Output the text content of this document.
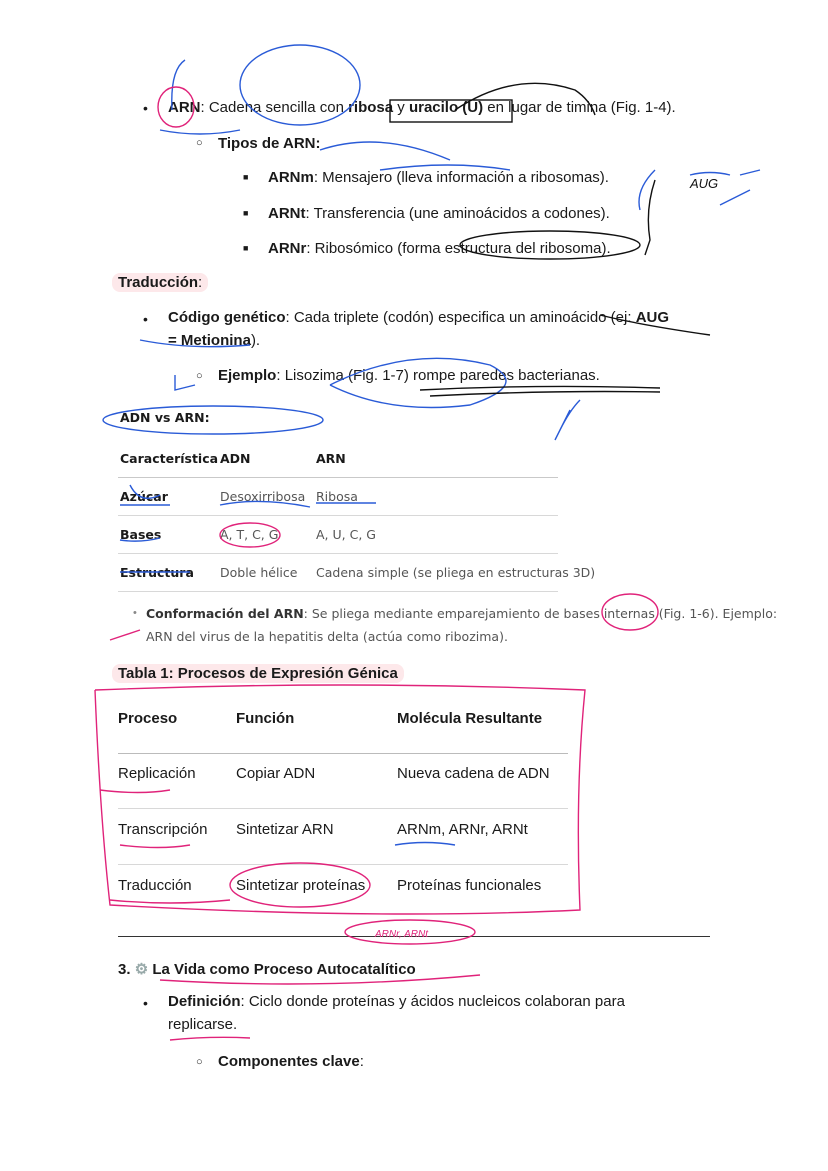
• ARN: Cadena sencilla con ribosa y uracilo (U) en lugar de timina (Fig. 1-4).
○ Tipos de ARN:
■ ARNm: Mensajero (lleva información a ribosomas).
■ ARNt: Transferencia (une aminoácidos a codones).
■ ARNr: Ribosómico (forma estructura del ribosoma).
Traducción:
• Código genético: Cada triplete (codón) especifica un aminoácido (ej: AUG
= Metionina).
○ Ejemplo: Lisozima (Fig. 1-7) rompe paredes bacterianas.
ADN vs ARN:
Característica ADN	ARN
Azúcar	Desoxirribosa Ribosa
Bases	A, T, C, G	A, U, C, G
Estructura Doble hélice Cadena simple (se pliega en estructuras 3D)
• Conformación del ARN: Se pliega mediante emparejamiento de bases internas (Fig. 1-6). Ejemplo:
ARN del virus de la hepatitis delta (actúa como ribozima).
Tabla 1: Procesos de Expresión Génica
Proceso	Función	Molécula Resultante
Replicación	Copiar ADN	Nueva cadena de ADN
Transcripción Sintetizar ARN	ARNm, ARNr, ARNt
Traducción	Sintetizar proteínas Proteínas funcionales
3. ⚙ La Vida como Proceso Autocatalítico
• Definición: Ciclo donde proteínas y ácidos nucleicos colaboran para
replicarse.
○ Componentes clave:
AUG
ARNr, ARNt
